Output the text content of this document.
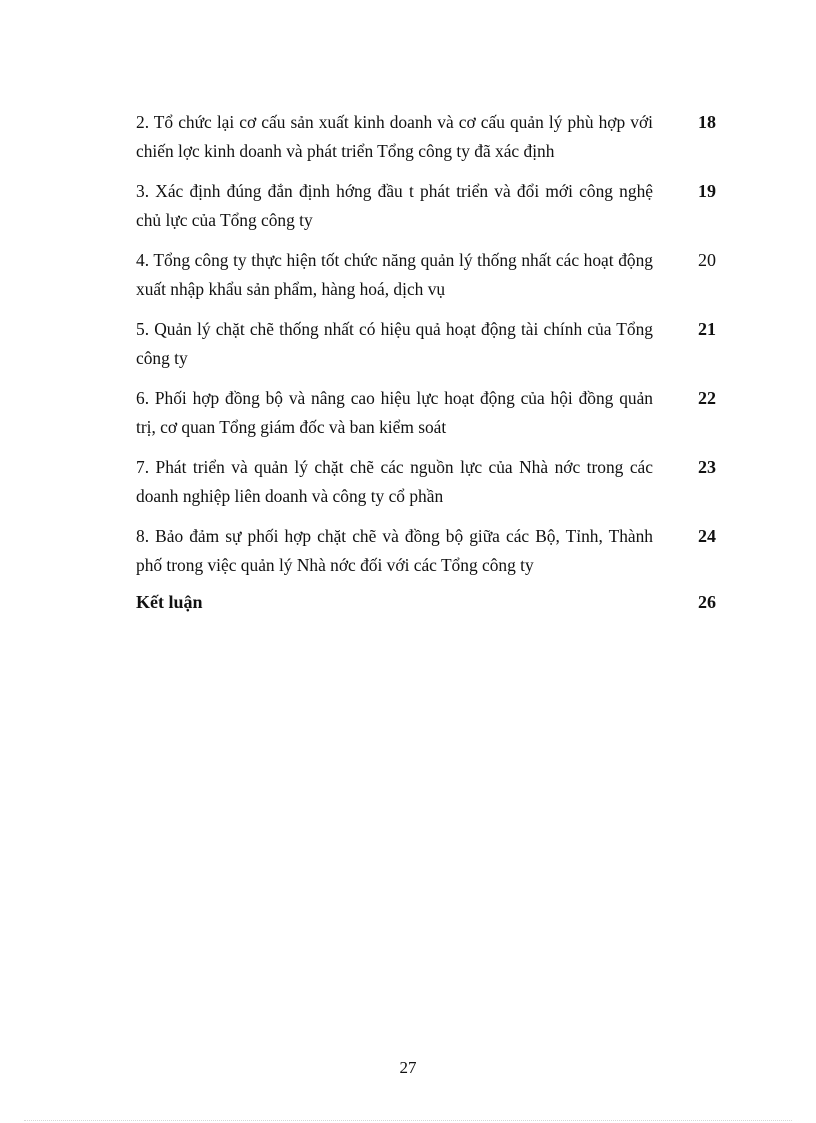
2. Tổ chức lại cơ cấu sản xuất kinh doanh và cơ cấu quản lý phù hợp với chiến lợc kinh doanh và phát triển Tổng công ty đã xác định
18
3. Xác định đúng đắn định hớng đầu t phát triển và đổi mới công nghệ chủ lực của Tổng công ty
19
4. Tổng công ty thực hiện tốt chức năng quản lý thống nhất các hoạt động xuất nhập khẩu sản phẩm, hàng hoá, dịch vụ
20
5. Quản lý chặt chẽ thống nhất có hiệu quả hoạt động tài chính của Tổng công ty
21
6. Phối hợp đồng bộ và nâng cao hiệu lực hoạt động của hội đồng quản trị, cơ quan Tổng giám đốc và ban kiểm soát
22
7. Phát triển và quản lý chặt chẽ các nguồn lực của Nhà nớc trong các doanh nghiệp liên doanh và công ty cổ phần
23
8. Bảo đảm sự phối hợp chặt chẽ và đồng bộ giữa các Bộ, Tỉnh, Thành phố trong việc quản lý Nhà nớc đối với các Tổng công ty
24
Kết luận	26
27
